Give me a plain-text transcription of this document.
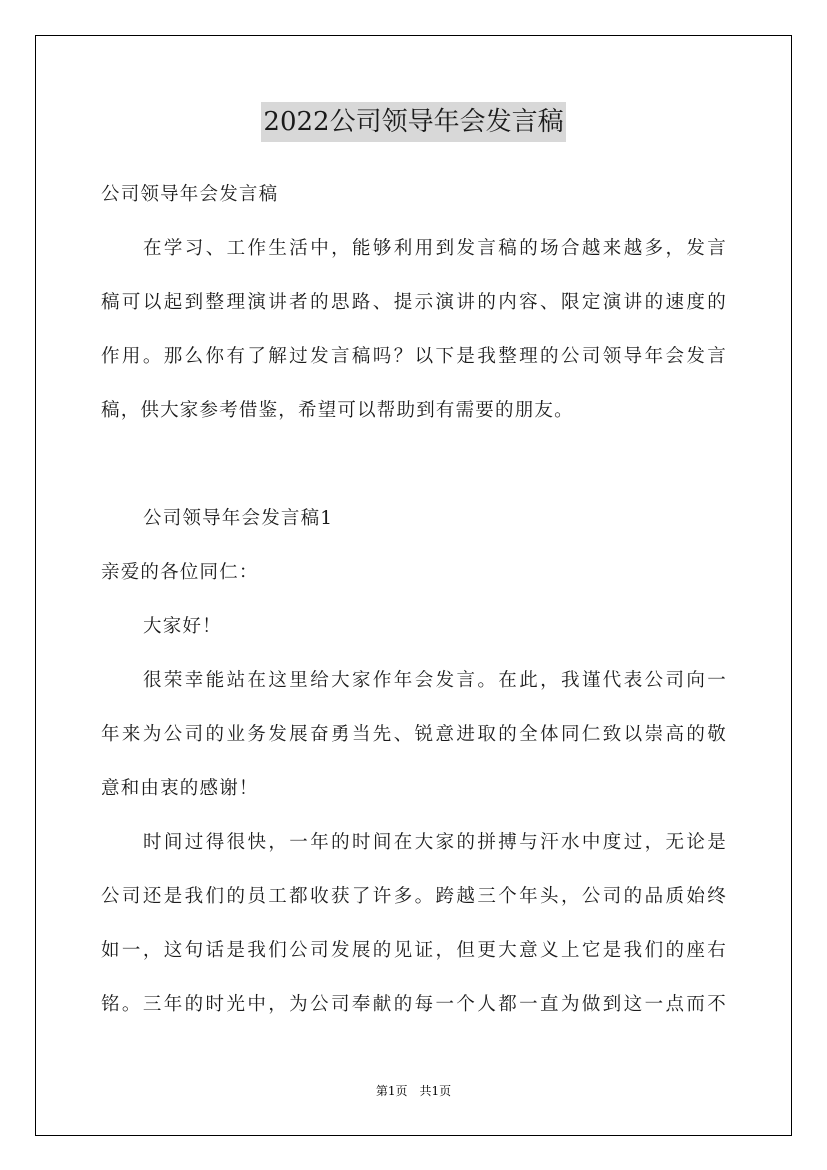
2022公司领导年会发言稿
公司领导年会发言稿
在学习、工作生活中，能够利用到发言稿的场合越来越多，发言
稿可以起到整理演讲者的思路、提示演讲的内容、限定演讲的速度的
作用。那么你有了解过发言稿吗？以下是我整理的公司领导年会发言
稿，供大家参考借鉴，希望可以帮助到有需要的朋友。
公司领导年会发言稿1
亲爱的各位同仁：
大家好！
很荣幸能站在这里给大家作年会发言。在此，我谨代表公司向一
年来为公司的业务发展奋勇当先、锐意进取的全体同仁致以崇高的敬
意和由衷的感谢！
时间过得很快，一年的时间在大家的拼搏与汗水中度过，无论是
公司还是我们的员工都收获了许多。跨越三个年头，公司的品质始终
如一，这句话是我们公司发展的见证，但更大意义上它是我们的座右
铭。三年的时光中，为公司奉献的每一个人都一直为做到这一点而不
第1页　共1页
